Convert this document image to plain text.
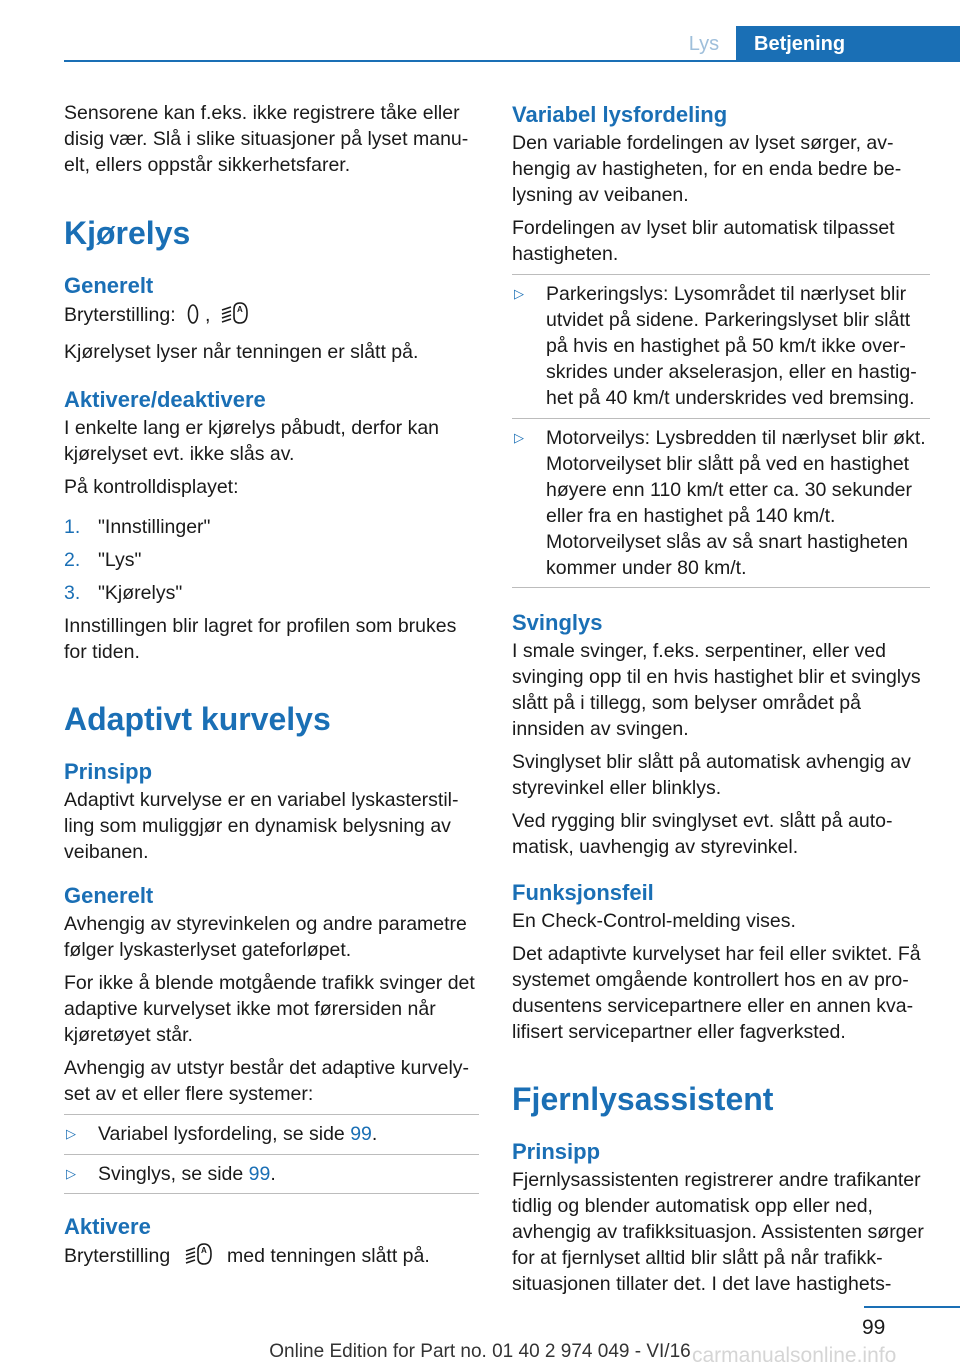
Lys	Betjening

Sensorene kan f.eks. ikke registrere tåke eller disig vær. Slå i slike situasjoner på lyset manuelt, ellers oppstår sikkerhetsfarer.

Kjørelys
Generelt

Bryterstilling: ,	A

Kjørelyset lyser når tenningen er slått på.

Aktivere/deaktivere

I enkelte lang er kjørelys påbudt, derfor kan kjørelyset evt. ikke slås av.

På kontrolldisplayet:

1. "Innstillinger"
2. "Lys"
3. "Kjørelys"

Innstillingen blir lagret for profilen som brukes for tiden.

Adaptivt kurvelys
Prinsipp

Adaptivt kurvelyse er en variabel lyskasterstilling som muliggjør en dynamisk belysning av veibanen.

Generelt

Avhengig av styrevinkelen og andre parametre følger lyskasterlyset gateforløpet.

For ikke å blende motgående trafikk svinger det adaptive kurvelyset ikke mot førersiden når kjøretøyet står.

Avhengig av utstyr består det adaptive kurvelyset av et eller flere systemer:

▷ Variabel lysfordeling, se side 99.
▷ Svinglys, se side 99.
Aktivere

Bryterstilling	A med tenningen slått på.

Variabel lysfordeling

Den variable fordelingen av lyset sørger, avhengig av hastigheten, for en enda bedre belysning av veibanen.

Fordelingen av lyset blir automatisk tilpasset hastigheten.

▷ Parkeringslys: Lysområdet til nærlyset blir utvidet på sidene. Parkeringslyset blir slått på hvis en hastighet på 50 km/t ikke overskrides under akselerasjon, eller en hastighet på 40 km/t underskrides ved bremsing.
▷ Motorveilys: Lysbredden til nærlyset blir økt. Motorveilyset blir slått på ved en hastighet høyere enn 110 km/t etter ca. 30 sekunder eller fra en hastighet på 140 km/t. Motorveilyset slås av så snart hastigheten kommer under 80 km/t.
Svinglys

I smale svinger, f.eks. serpentiner, eller ved svinging opp til en hvis hastighet blir et svinglys slått på i tillegg, som belyser området på innsiden av svingen.

Svinglyset blir slått på automatisk avhengig av styrevinkel eller blinklys.

Ved rygging blir svinglyset evt. slått på automatisk, uavhengig av styrevinkel.

Funksjonsfeil

En Check-Control-melding vises.

Det adaptivte kurvelyset har feil eller sviktet. Få systemet omgående kontrollert hos en av produsentens servicepartnere eller en annen kvalifisert servicepartner eller fagverksted.

Fjernlysassistent
Prinsipp

Fjernlysassistenten registrerer andre trafikanter tidlig og blender automatisk opp eller ned, avhengig av trafikksituasjon. Assistenten sørger for at fjernlyset alltid blir slått på når trafikksituasjonen tillater det. I det lave hastighets-

99
Online Edition for Part no. 01 40 2 974 049 - VI/16 carmanualsonline.info
